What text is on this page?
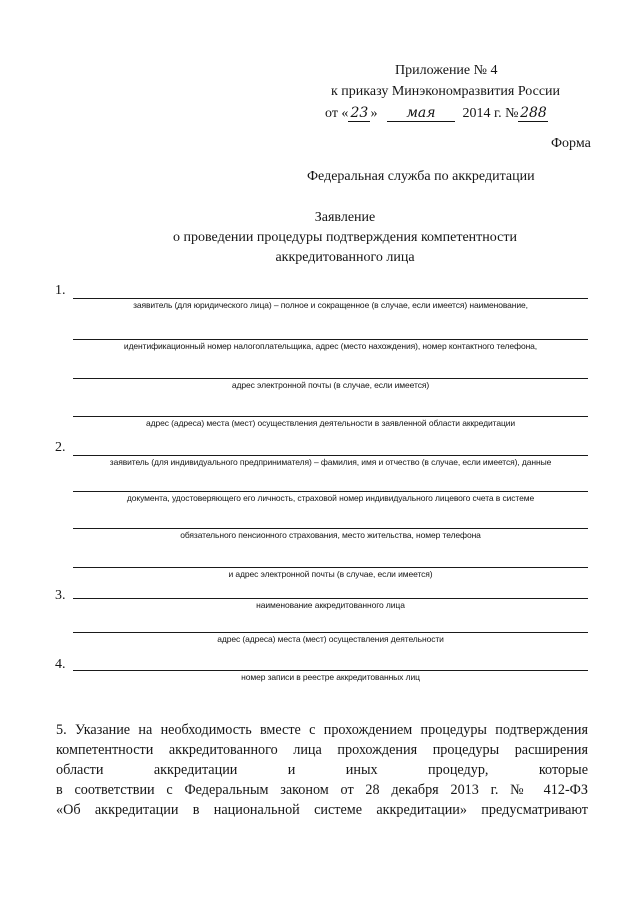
Приложение № 4
к приказу Минэкономразвития России
от « 23 » мая 2014 г. № 288
Форма
Федеральная служба по аккредитации
Заявление
о проведении процедуры подтверждения компетентности
аккредитованного лица
1.
заявитель (для юридического лица) – полное и сокращенное (в случае, если имеется) наименование,
идентификационный номер налогоплательщика, адрес (место нахождения), номер контактного телефона,
адрес электронной почты (в случае, если имеется)
адрес (адреса) места (мест) осуществления деятельности в заявленной области аккредитации
2.
заявитель (для индивидуального предпринимателя) – фамилия, имя и отчество (в случае, если имеется), данные
документа, удостоверяющего его личность, страховой номер индивидуального лицевого счета в системе
обязательного пенсионного страхования, место жительства, номер телефона
и адрес электронной почты (в случае, если имеется)
3.
наименование аккредитованного лица
адрес (адреса) места (мест) осуществления деятельности
4.
номер записи в реестре аккредитованных лиц
5. Указание на необходимость вместе с прохождением процедуры подтверждения
компетентности аккредитованного лица прохождения процедуры расширения
области аккредитации и иных процедур, которые
в соответствии с Федеральным законом от 28 декабря 2013 г. № 412-ФЗ
«Об аккредитации в национальной системе аккредитации» предусматривают
